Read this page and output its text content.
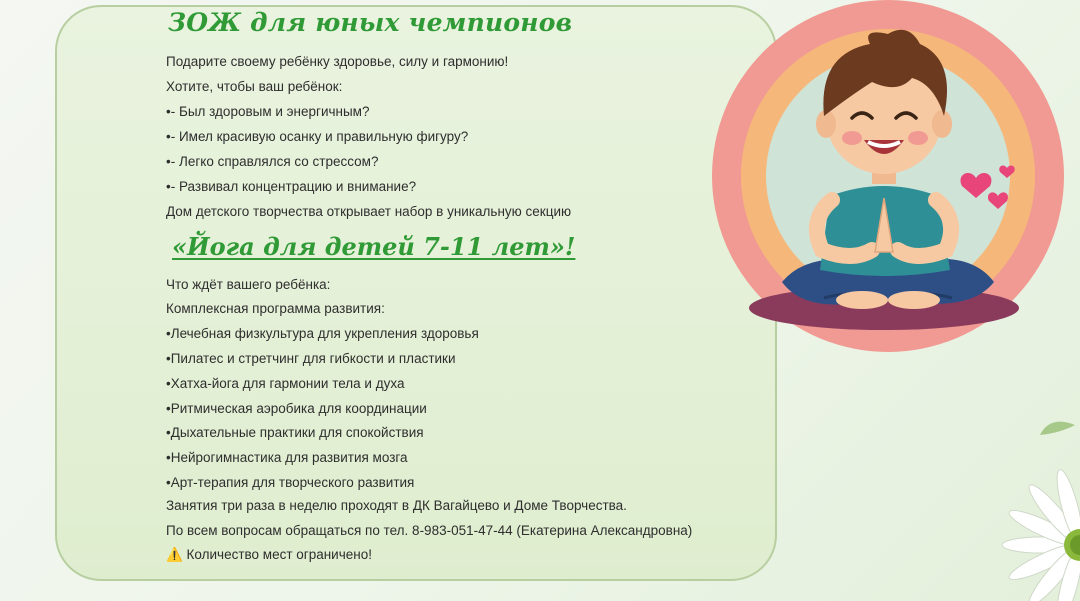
ЗОЖ для юных чемпионов
Подарите своему ребёнку здоровье, силу и гармонию!
Хотите, чтобы ваш ребёнок:
•- Был здоровым и энергичным?
•- Имел красивую осанку и правильную фигуру?
•- Легко справлялся со стрессом?
•- Развивал концентрацию и внимание?
Дом детского творчества открывает набор в уникальную секцию
«Йога для детей 7-11 лет»!
Что ждёт вашего ребёнка:
Комплексная программа развития:
•Лечебная физкультура для укрепления здоровья
•Пилатес и стретчинг для гибкости и пластики
•Хатха-йога для гармонии тела и духа
•Ритмическая аэробика для координации
•Дыхательные практики для спокойствия
•Нейрогимнастика для развития мозга
•Арт-терапия для творческого развития
Занятия три раза в неделю проходят в ДК Вагайцево и Доме Творчества.
По всем вопросам обращаться по тел. 8-983-051-47-44 (Екатерина Александровна)
⚠️ Количество мест ограничено!
